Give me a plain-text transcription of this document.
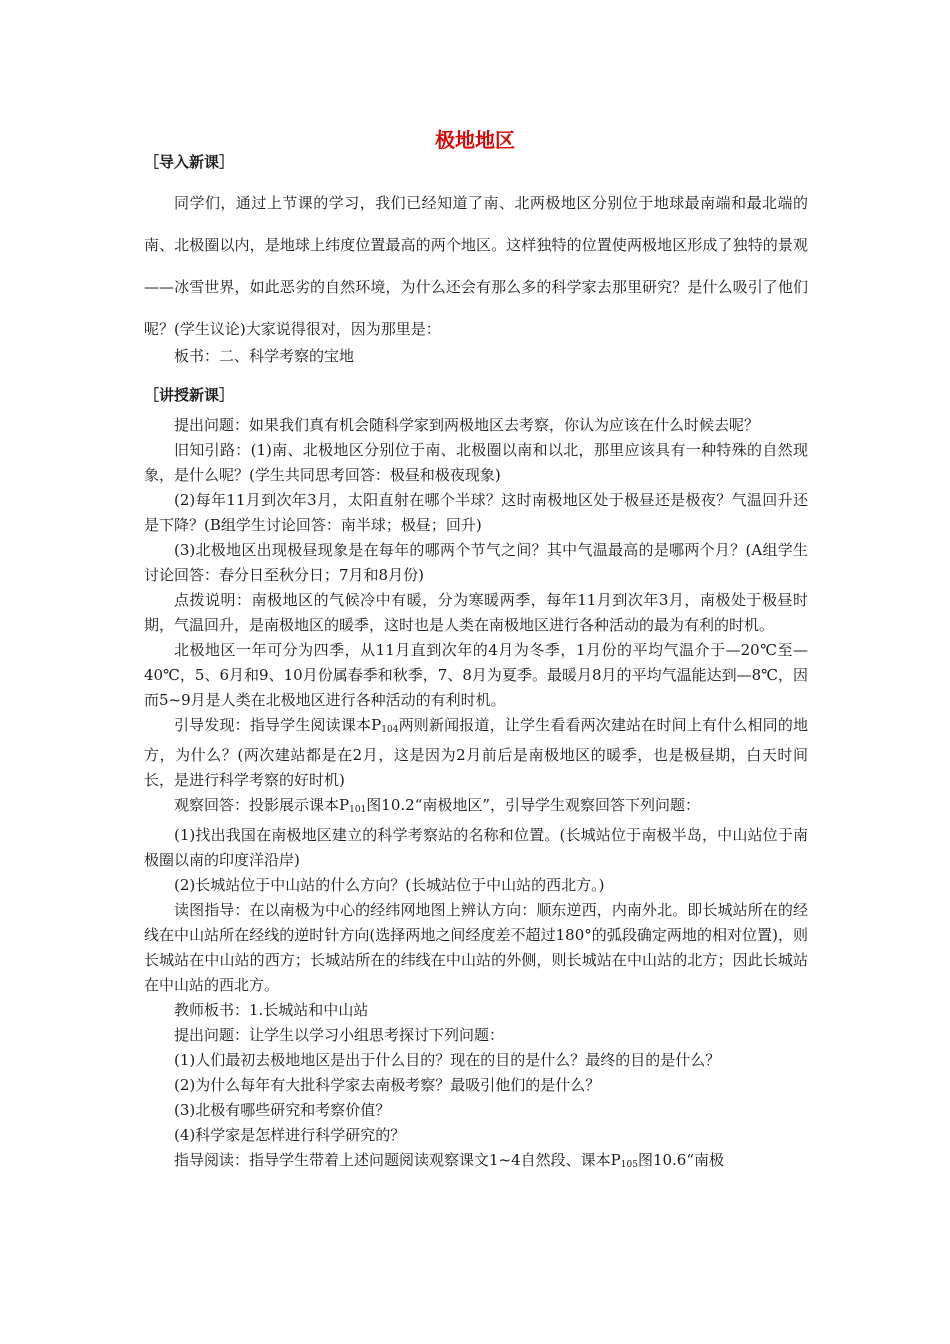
极地地区
［导入新课］

同学们，通过上节课的学习，我们已经知道了南、北两极地区分别位于地球最南端和最北端的南、北极圈以内，是地球上纬度位置最高的两个地区。这样独特的位置使两极地区形成了独特的景观——冰雪世界，如此恶劣的自然环境，为什么还会有那么多的科学家去那里研究？是什么吸引了他们呢？(学生议论)大家说得很对，因为那里是：

板书：二、科学考察的宝地
［讲授新课］

提出问题：如果我们真有机会随科学家到两极地区去考察，你认为应该在什么时候去呢？

旧知引路：(1)南、北极地区分别位于南、北极圈以南和以北，那里应该具有一种特殊的自然现象，是什么呢？(学生共同思考回答：极昼和极夜现象)

(2)每年11月到次年3月，太阳直射在哪个半球？这时南极地区处于极昼还是极夜？气温回升还是下降？(B组学生讨论回答：南半球；极昼；回升)

(3)北极地区出现极昼现象是在每年的哪两个节气之间？其中气温最高的是哪两个月？(A组学生讨论回答：春分日至秋分日；7月和8月份)

点拨说明：南极地区的气候冷中有暖，分为寒暖两季，每年11月到次年3月，南极处于极昼时期，气温回升，是南极地区的暖季，这时也是人类在南极地区进行各种活动的最为有利的时机。

北极地区一年可分为四季，从11月直到次年的4月为冬季，1月份的平均气温介于—20℃至—40℃，5、6月和9、10月份属春季和秋季，7、8月为夏季。最暖月8月的平均气温能达到—8℃，因而5~9月是人类在北极地区进行各种活动的有利时机。

引导发现：指导学生阅读课本$P_{104}$两则新闻报道，让学生看看两次建站在时间上有什么相同的地方，为什么？(两次建站都是在2月，这是因为2月前后是南极地区的暖季，也是极昼期，白天时间长，是进行科学考察的好时机)

观察回答：投影展示课本$P_{101}$图10.2“南极地区”，引导学生观察回答下列问题：

(1)找出我国在南极地区建立的科学考察站的名称和位置。(长城站位于南极半岛，中山站位于南极圈以南的印度洋沿岸)

(2)长城站位于中山站的什么方向？(长城站位于中山站的西北方。)

读图指导：在以南极为中心的经纬网地图上辨认方向：顺东逆西，内南外北。即长城站所在的经线在中山站所在经线的逆时针方向(选择两地之间经度差不超过180°的弧段确定两地的相对位置)，则长城站在中山站的西方；长城站所在的纬线在中山站的外侧，则长城站在中山站的北方；因此长城站在中山站的西北方。

教师板书：1.长城站和中山站

提出问题：让学生以学习小组思考探讨下列问题：

(1)人们最初去极地地区是出于什么目的？现在的目的是什么？最终的目的是什么？

(2)为什么每年有大批科学家去南极考察？最吸引他们的是什么？

(3)北极有哪些研究和考察价值？

(4)科学家是怎样进行科学研究的？

指导阅读：指导学生带着上述问题阅读观察课文1~4自然段、课本$P_{105}$图10.6“南极
